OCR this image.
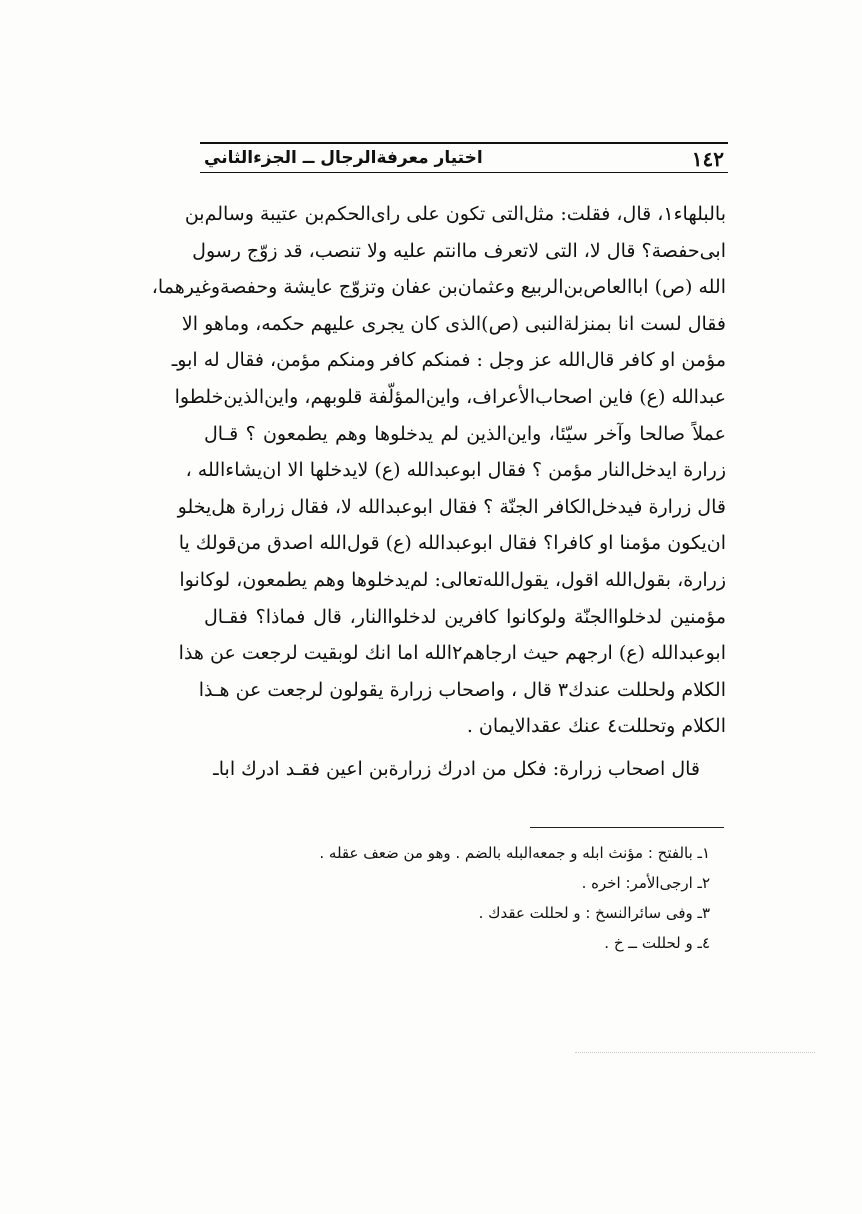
١٤٢
اختيار معرفةالرجال ــ الجزءالثاني
بالبلهاء١، قال، فقلت: مثل‌التى تكون على راى‌الحكم‌بن عتيبة وسالم‌بن
ابى‌حفصة؟ قال لا، التى لاتعرف ماانتم عليه ولا تنصب، قد زوّج رسول
الله (ص) اباالعاص‌بن‌الربيع وعثمان‌بن عفان وتزوّج عايشة وحفصةوغيرهما،
فقال لست انا بمنزلةالنبى (ص)الذى كان يجرى عليهم حكمه، وماهو الا
مؤمن او كافر قال‌الله عز وجل : فمنكم كافر ومنكم مؤمن، فقال له ابوـ
عبدالله (ع) فاين اصحاب‌الأعراف، واين‌المؤلّفة قلوبهم، واين‌الذين‌خلطوا
عملاً صالحا وآخر سيّئا، واين‌الذين لم يدخلوها وهم يطمعون ؟ قـال
زرارة ايدخل‌النار مؤمن ؟ فقال ابوعبدالله (ع) لايدخلها الا ان‌يشاءالله ،
قال زرارة فيدخل‌الكافر الجنّة ؟ فقال ابوعبدالله لا، فقال زرارة هل‌يخلو
ان‌يكون مؤمنا او كافرا؟ فقال ابوعبدالله (ع) قول‌الله اصدق من‌قولك يا
زرارة، بقول‌الله اقول، يقول‌الله‌تعالى: لم‌يدخلوها وهم يطمعون، لوكانوا
مؤمنين لدخلواالجنّة ولوكانوا كافرين لدخلواالنار، قال فماذا؟ فقـال
ابوعبدالله (ع) ارجهم حيث ارجاهم٢الله اما انك لوبقيت لرجعت عن هذا
الكلام ولحللت عندك٣ قال ، واصحاب زرارة يقولون لرجعت عن هـذا
الكلام وتحللت٤ عنك عقدالايمان .
قال اصحاب زرارة: فكل من ادرك زرارةبن اعين فقـد ادرك ابا‌ـ
١ـ بالفتح : مؤنث ابله و جمعه‌البله بالضم . وهو من ضعف عقله .
٢ـ ارجى‌الأمر: اخره .
٣ـ وفى سائرالنسخ : و لحللت عقدك .
٤ـ و لحللت ــ خ .
